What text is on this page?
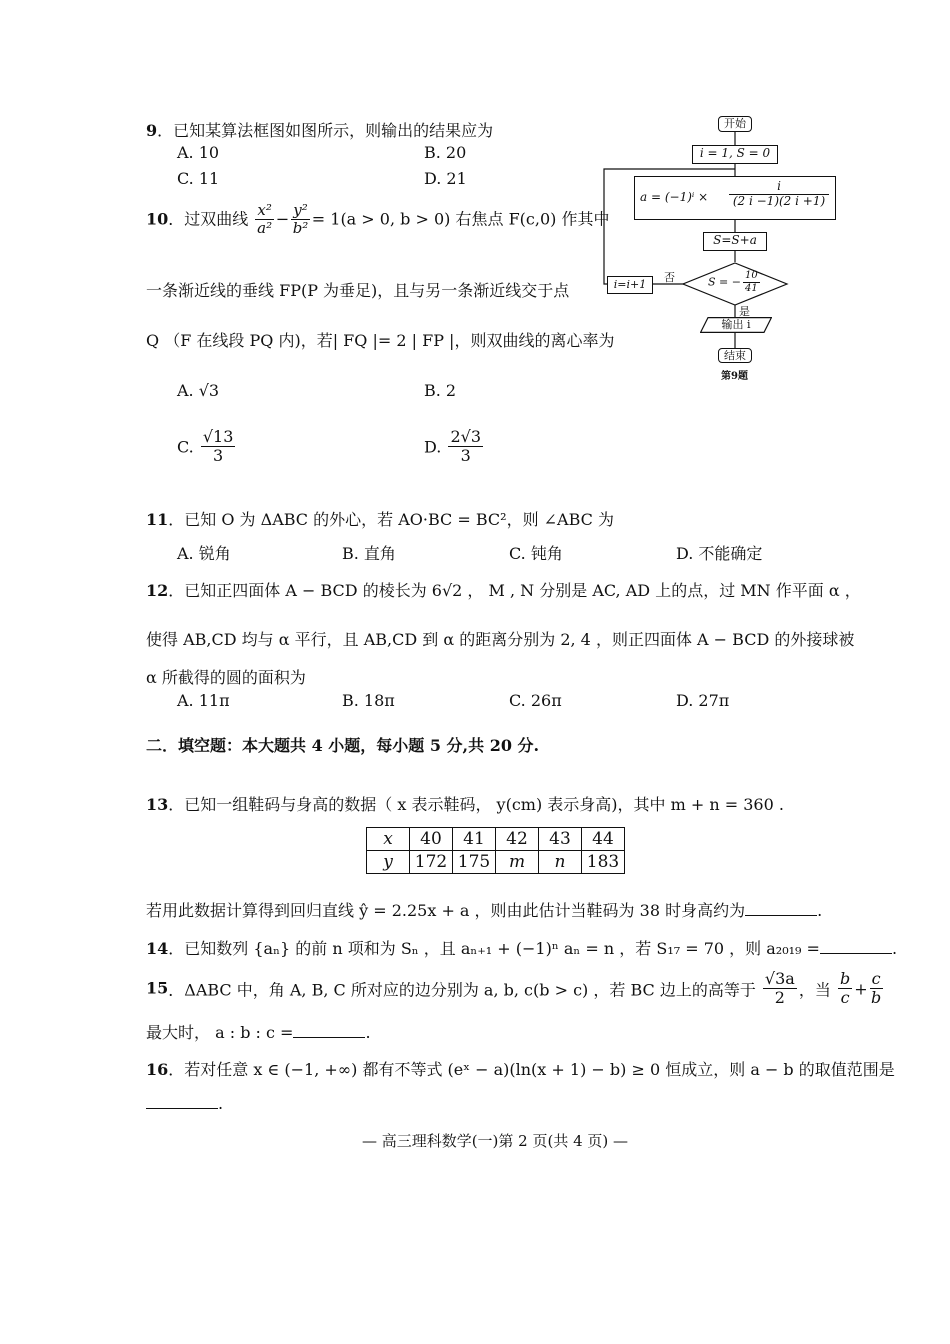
9．已知某算法框图如图所示，则输出的结果应为
A. 10	B. 20
C. 11	D. 21
10．过双曲线 $\frac{\text{x²}}{\text{a²}} - \frac{\text{y²}}{\text{b²}} = 1(a > 0$, b > 0) 右焦点 F(c,0) 作其中
一条渐近线的垂线 FP(P 为垂足)，且与另一条渐近线交于点
Q （F 在线段 PQ 内)，若| FQ |= 2 | FP |，则双曲线的离心率为
A. √3	B. 2
C. $\frac{√13}{3}$	D. $\frac{2√3}{3}$
11．已知 O 为 ΔABC 的外心，若 AO·BC = BC²，则 ∠ABC 为
A. 锐角	B. 直角	C. 钝角	D. 不能确定
12．已知正四面体 A − BCD 的棱长为 6√2 ， M , N 分别是 AC, AD 上的点，过 MN 作平面 α ，
使得 AB,CD 均与 α 平行，且 AB,CD 到 α 的距离分别为 2, 4 ，则正四面体 A − BCD 的外接球被
α 所截得的圆的面积为
A. 11π	B. 18π	C. 26π	D. 27π
二．填空题：本大题共 4 小题，每小题 5 分,共 20 分.
13．已知一组鞋码与身高的数据（ x 表示鞋码， y(cm) 表示身高)，其中 m + n = 360 .
x	40	41	42	43	44
y	172	175	m	n	183
若用此数据计算得到回归直线 ŷ = 2.25x + a ，则由此估计当鞋码为 38 时身高约为	.
14．已知数列 {aₙ} 的前 n 项和为 Sₙ ，且 aₙ₊₁ + (−1)ⁿ aₙ = n ，若 S₁₇ = 70 ，则 a₂₀₁₉ =	.
15．ΔABC 中，角 A, B, C 所对应的边分别为 a, b, c(b > c) ，若 BC 边上的高等于 $\frac{√3a}{2}$ ，当 $\frac{b}{c} + \frac{c}{b}$
最大时， a : b : c =	.
16．若对任意 x ∈ (−1, +∞) 都有不等式 (eˣ − a)(ln(x + 1) − b) ≥ 0 恒成立，则 a − b 的取值范围是
.
开始
i = 1, S = 0
$a = (-1)^i \times \frac{i}{(2 i -1)(2 i +1)}$
S=S+a
S = − $\frac{10}{41}$
否
i=i+1
是
输出 i
结束
第9题
— 高三理科数学(一)第 2 页(共 4 页) —
